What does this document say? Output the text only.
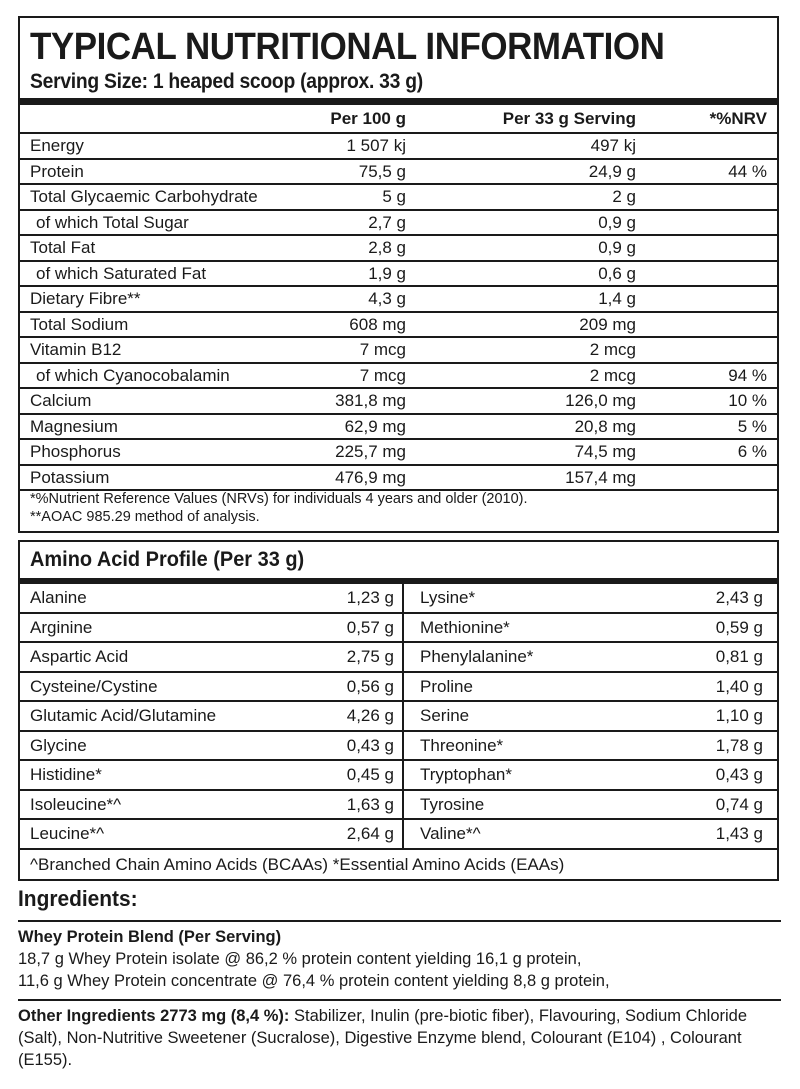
TYPICAL NUTRITIONAL INFORMATION
Serving Size: 1 heaped scoop (approx. 33 g)
Per 100 g	Per 33 g Serving	*%NRV
Energy	1 507 kj	497 kj
Protein	75,5 g	24,9 g	44 %
Total Glycaemic Carbohydrate	5 g	2 g
of which Total Sugar	2,7 g	0,9 g
Total Fat	2,8 g	0,9 g
of which Saturated Fat	1,9 g	0,6 g
Dietary Fibre**	4,3 g	1,4 g
Total Sodium	608 mg	209 mg
Vitamin B12	7 mcg	2 mcg
of which Cyanocobalamin	7 mcg	2 mcg	94 %
Calcium	381,8 mg	126,0 mg	10 %
Magnesium	62,9 mg	20,8 mg	5 %
Phosphorus	225,7 mg	74,5 mg	6 %
Potassium	476,9 mg	157,4 mg
*%Nutrient Reference Values (NRVs) for individuals 4 years and older (2010).
**AOAC 985.29 method of analysis.
Amino Acid Profile (Per 33 g)
Alanine	1,23 g Lysine*	2,43 g
Arginine	0,57 g Methionine*	0,59 g
Aspartic Acid	2,75 g Phenylalanine*	0,81 g
Cysteine/Cystine	0,56 g Proline	1,40 g
Glutamic Acid/Glutamine	4,26 g Serine	1,10 g
Glycine	0,43 g Threonine*	1,78 g
Histidine*	0,45 g Tryptophan*	0,43 g
Isoleucine*^	1,63 g Tyrosine	0,74 g
Leucine*^	2,64 g Valine*^	1,43 g
^Branched Chain Amino Acids (BCAAs) *Essential Amino Acids (EAAs)
Ingredients:
Whey Protein Blend (Per Serving)
18,7 g Whey Protein isolate @ 86,2 % protein content yielding 16,1 g protein,
11,6 g Whey Protein concentrate @ 76,4 % protein content yielding 8,8 g protein,
Other Ingredients 2773 mg (8,4 %): Stabilizer, Inulin (pre-biotic fiber), Flavouring, Sodium Chloride (Salt), Non-Nutritive Sweetener (Sucralose), Digestive Enzyme blend, Colourant (E104) , Colourant (E155).
